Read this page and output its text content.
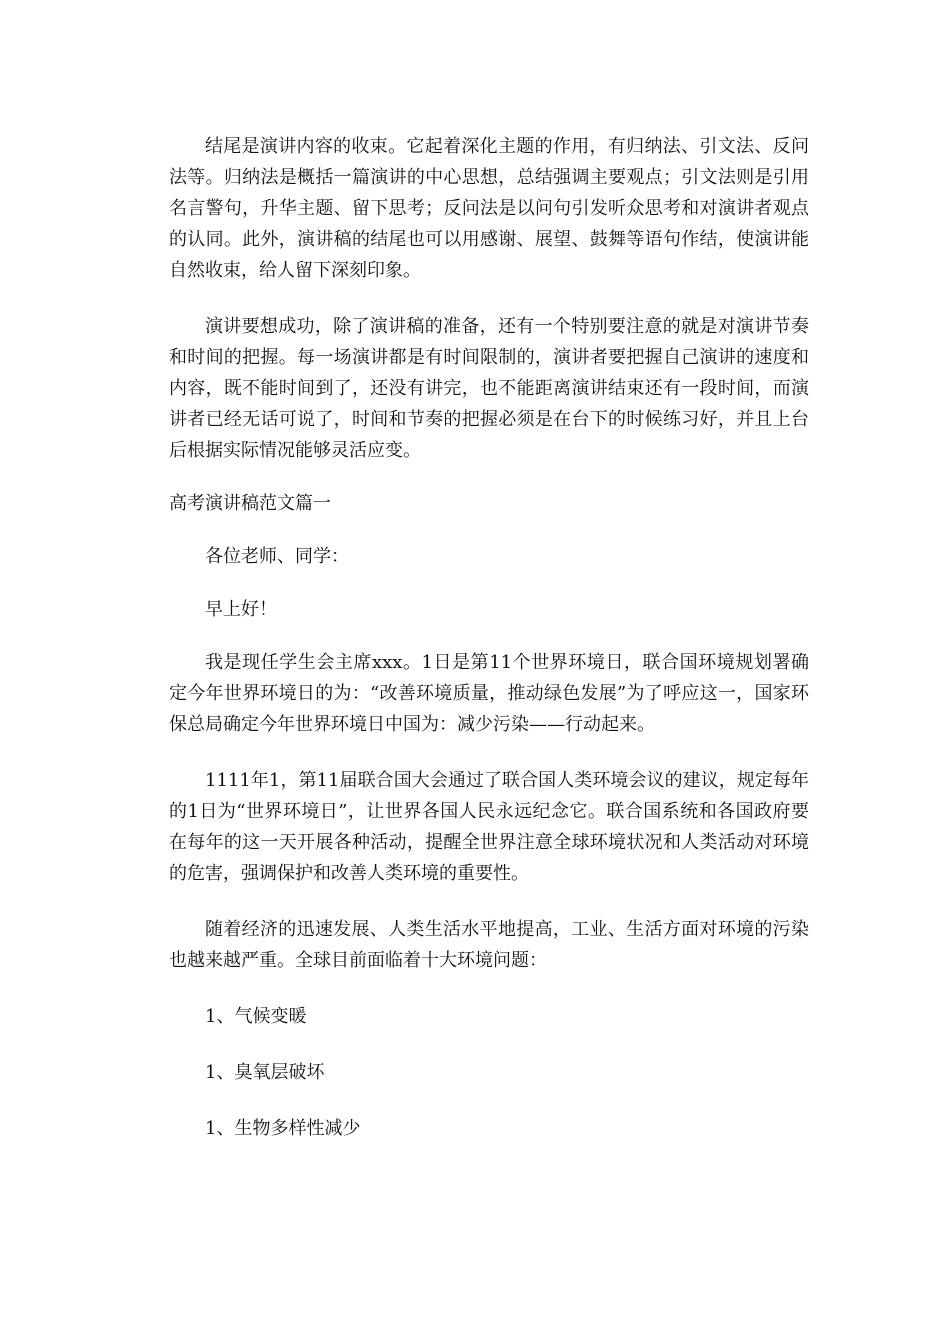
结尾是演讲内容的收束。它起着深化主题的作用，有归纳法、引文法、反问法等。归纳法是概括一篇演讲的中心思想，总结强调主要观点；引文法则是引用名言警句，升华主题、留下思考；反问法是以问句引发听众思考和对演讲者观点的认同。此外，演讲稿的结尾也可以用感谢、展望、鼓舞等语句作结，使演讲能自然收束，给人留下深刻印象。

演讲要想成功，除了演讲稿的准备，还有一个特别要注意的就是对演讲节奏和时间的把握。每一场演讲都是有时间限制的，演讲者要把握自己演讲的速度和内容，既不能时间到了，还没有讲完，也不能距离演讲结束还有一段时间，而演讲者已经无话可说了，时间和节奏的把握必须是在台下的时候练习好，并且上台后根据实际情况能够灵活应变。

高考演讲稿范文篇一

各位老师、同学：

早上好！

我是现任学生会主席xxx。1日是第11个世界环境日，联合国环境规划署确定今年世界环境日的为：“改善环境质量，推动绿色发展”为了呼应这一，国家环保总局确定今年世界环境日中国为：减少污染——行动起来。

1111年1，第11届联合国大会通过了联合国人类环境会议的建议，规定每年的1日为“世界环境日”，让世界各国人民永远纪念它。联合国系统和各国政府要在每年的这一天开展各种活动，提醒全世界注意全球环境状况和人类活动对环境的危害，强调保护和改善人类环境的重要性。

随着经济的迅速发展、人类生活水平地提高，工业、生活方面对环境的污染也越来越严重。全球目前面临着十大环境问题：

1、气候变暖

1、臭氧层破坏

1、生物多样性减少
